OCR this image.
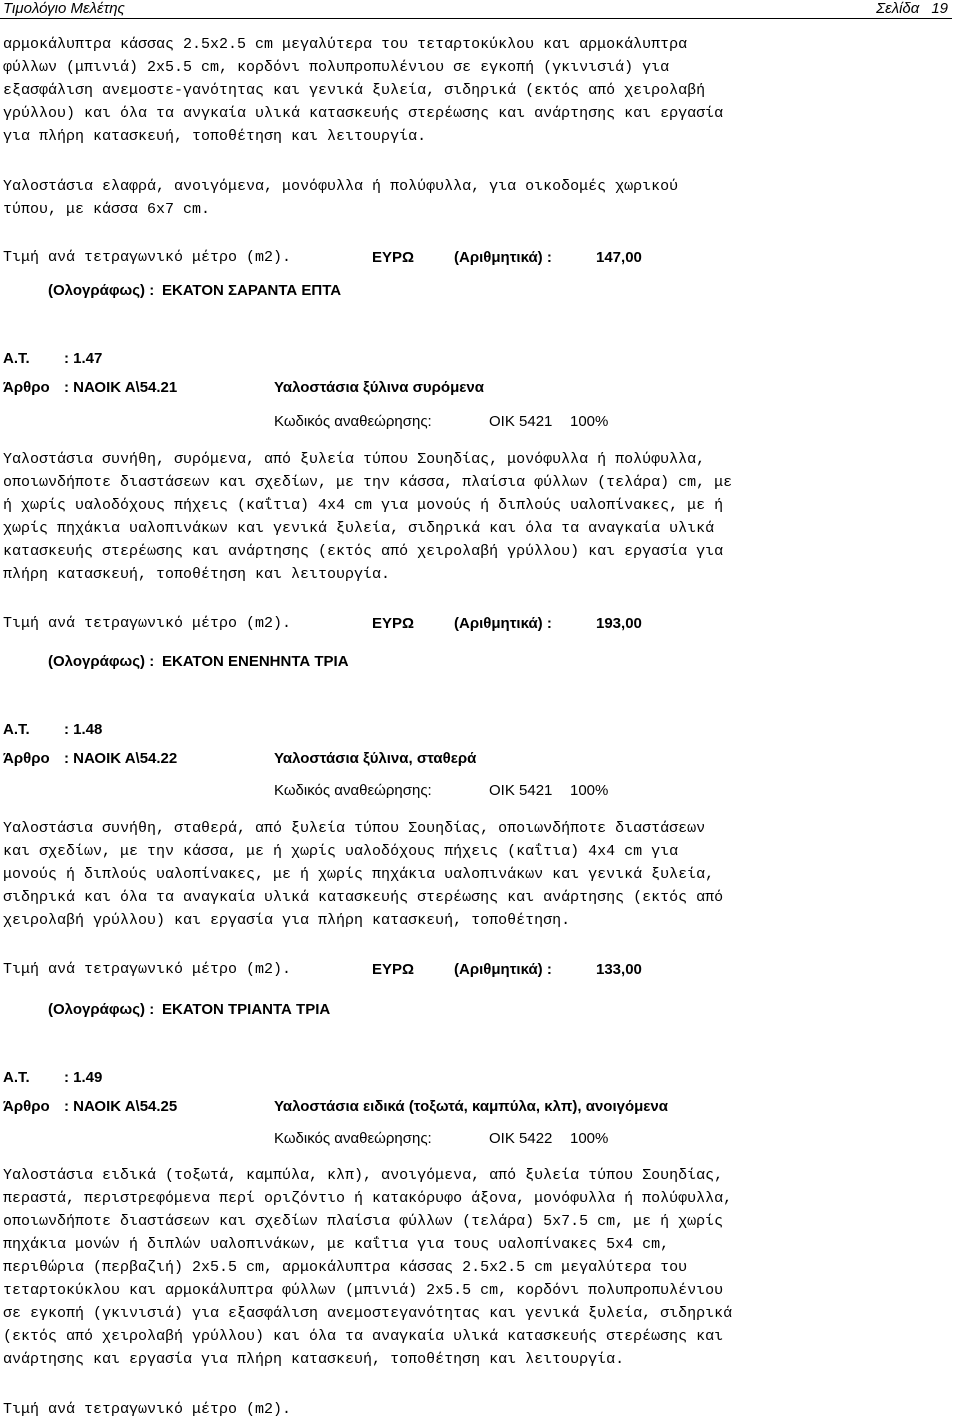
Τιμολόγιο Μελέτης	Σελίδα 19
αρμοκάλυπτρα κάσσας 2.5x2.5 cm μεγαλύτερα του τεταρτοκύκλου και αρμοκάλυπτρα
φύλλων (μπινιά) 2x5.5 cm, κορδόνι πολυπροπυλένιου σε εγκοπή (γκινισιά) για
εξασφάλιση ανεμοστε-γανότητας και γενικά ξυλεία, σιδηρικά (εκτός από χειρολαβή
γρύλλου) και όλα τα ανγκαία υλικά κατασκευής στερέωσης και ανάρτησης και εργασία
για πλήρη κατασκευή, τοποθέτηση και λειτουργία.
Υαλοστάσια ελαφρά, ανοιγόμενα, μονόφυλλα ή πολύφυλλα, για οικοδομές χωρικού
τύπου, με κάσσα 6x7 cm.
Τιμή ανά τετραγωνικό μέτρο (m2).	ΕΥΡΩ	(Αριθμητικά) :	147,00
(Ολογράφως) : ΕΚΑΤΟΝ ΣΑΡΑΝΤΑ ΕΠΤΑ
Α.Τ. : 1.47
Άρθρο : ΝΑΟΙΚ Α\54.21	Υαλοστάσια ξύλινα συρόμενα
Κωδικός αναθεώρησης:	ΟΙΚ 5421 100%
Υαλοστάσια συνήθη, συρόμενα, από ξυλεία τύπου Σουηδίας, μονόφυλλα ή πολύφυλλα,
οποιωνδήποτε διαστάσεων και σχεδίων, με την κάσσα, πλαίσια φύλλων (τελάρα) cm, με
ή χωρίς υαλοδόχους πήχεις (καΐτια) 4x4 cm για μονούς ή διπλούς υαλοπίνακες, με ή
χωρίς πηχάκια υαλοπινάκων και γενικά ξυλεία, σιδηρικά και όλα τα αναγκαία υλικά
κατασκευής στερέωσης και ανάρτησης (εκτός από χειρολαβή γρύλλου) και εργασία για
πλήρη κατασκευή, τοποθέτηση και λειτουργία.
Τιμή ανά τετραγωνικό μέτρο (m2).	ΕΥΡΩ	(Αριθμητικά) :	193,00
(Ολογράφως) : ΕΚΑΤΟΝ ΕΝΕΝΗΝΤΑ ΤΡΙΑ
Α.Τ. : 1.48
Άρθρο : ΝΑΟΙΚ Α\54.22	Υαλοστάσια ξύλινα, σταθερά
Κωδικός αναθεώρησης:	ΟΙΚ 5421 100%
Υαλοστάσια συνήθη, σταθερά, από ξυλεία τύπου Σουηδίας, οποιωνδήποτε διαστάσεων
και σχεδίων, με την κάσσα, με ή χωρίς υαλοδόχους πήχεις (καΐτια) 4x4 cm για
μονούς ή διπλούς υαλοπίνακες, με ή χωρίς πηχάκια υαλοπινάκων και γενικά ξυλεία,
σιδηρικά και όλα τα αναγκαία υλικά κατασκευής στερέωσης και ανάρτησης (εκτός από
χειρολαβή γρύλλου) και εργασία για πλήρη κατασκευή, τοποθέτηση.
Τιμή ανά τετραγωνικό μέτρο (m2).	ΕΥΡΩ	(Αριθμητικά) :	133,00
(Ολογράφως) : ΕΚΑΤΟΝ ΤΡΙΑΝΤΑ ΤΡΙΑ
Α.Τ. : 1.49
Άρθρο : ΝΑΟΙΚ Α\54.25	Υαλοστάσια ειδικά (τοξωτά, καμπύλα, κλπ), ανοιγόμενα
Κωδικός αναθεώρησης:	ΟΙΚ 5422 100%
Υαλοστάσια ειδικά (τοξωτά, καμπύλα, κλπ), ανοιγόμενα, από ξυλεία τύπου Σουηδίας,
περαστά, περιστρεφόμενα περί οριζόντιο ή κατακόρυφο άξονα, μονόφυλλα ή πολύφυλλα,
οποιωνδήποτε διαστάσεων και σχεδίων πλαίσια φύλλων (τελάρα) 5x7.5 cm, με ή χωρίς
πηχάκια μονών ή διπλών υαλοπινάκων, με καΐτια για τους υαλοπίνακες 5x4 cm,
περιθώρια (περβαζιή) 2x5.5 cm, αρμοκάλυπτρα κάσσας 2.5x2.5 cm μεγαλύτερα του
τεταρτοκύκλου και αρμοκάλυπτρα φύλλων (μπινιά) 2x5.5 cm, κορδόνι πολυπροπυλένιου
σε εγκοπή (γκινισιά) για εξασφάλιση ανεμοστεγανότητας και γενικά ξυλεία, σιδηρικά
(εκτός από χειρολαβή γρύλλου) και όλα τα αναγκαία υλικά κατασκευής στερέωσης και
ανάρτησης και εργασία για πλήρη κατασκευή, τοποθέτηση και λειτουργία.
Τιμή ανά τετραγωνικό μέτρο (m2).
